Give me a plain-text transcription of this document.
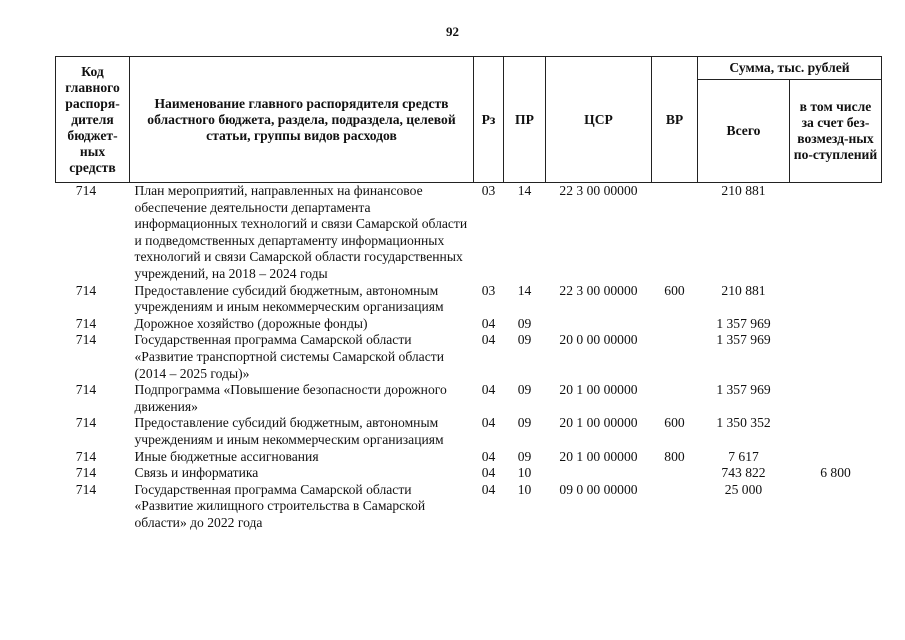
92
Код главного распоря-дителя бюджет-ных средств	Наименование главного распорядителя средств областного бюджета, раздела, подраздела, целевой статьи, группы видов расходов	Рз	ПР	ЦСР	ВР	Сумма, тыс. рублей	
						Всего	в том числе за счет без-возмезд-ных по-ступлений
714	План мероприятий, направленных на финансовое обеспечение деятельности департамента информационных технологий и связи Самарской области и подведомственных департаменту информационных технологий и связи Самарской области государственных учреждений, на 2018 – 2024 годы	03	14	22 3 00 00000		210 881	
714	Предоставление субсидий бюджетным, автономным учреждениям и иным некоммерческим организациям	03	14	22 3 00 00000	600	210 881	
714	Дорожное хозяйство (дорожные фонды)	04	09			1 357 969	
714	Государственная программа Самарской области «Развитие транспортной системы Самарской области (2014 – 2025 годы)»	04	09	20 0 00 00000		1 357 969	
714	Подпрограмма «Повышение безопасности дорожного движения»	04	09	20 1 00 00000		1 357 969	
714	Предоставление субсидий бюджетным, автономным учреждениям и иным некоммерческим организациям	04	09	20 1 00 00000	600	1 350 352	
714	Иные бюджетные ассигнования	04	09	20 1 00 00000	800	7 617	
714	Связь и информатика	04	10			743 822	6 800
714	Государственная программа Самарской области «Развитие жилищного строительства в Самарской области» до 2022 года	04	10	09 0 00 00000		25 000	
